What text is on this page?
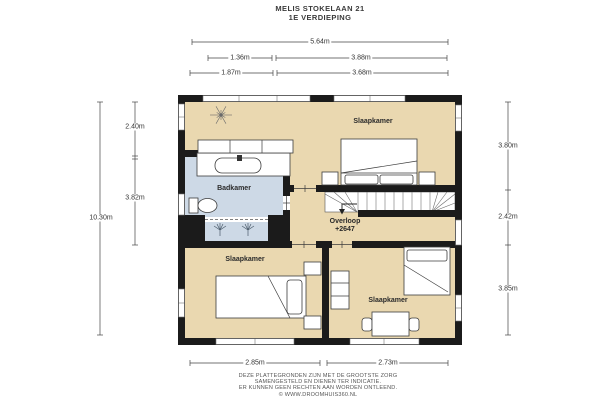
MELIS STOKELAAN 21
1E VERDIEPING
5.64m
1.36m	3.88m
1.87m	3.68m
10.30m
2.40m
3.82m
3.80m
2.42m
3.85m
2.85m	2.73m
Slaapkamer
Badkamer
Overloop
+2647
Slaapkamer
Slaapkamer
DEZE PLATTEGRONDEN ZIJN MET DE GROOTSTE ZORG
SAMENGESTELD EN DIENEN TER INDICATIE.
ER KUNNEN GEEN RECHTEN AAN WORDEN ONTLEEND.
© WWW.DROOMHUIS360.NL
